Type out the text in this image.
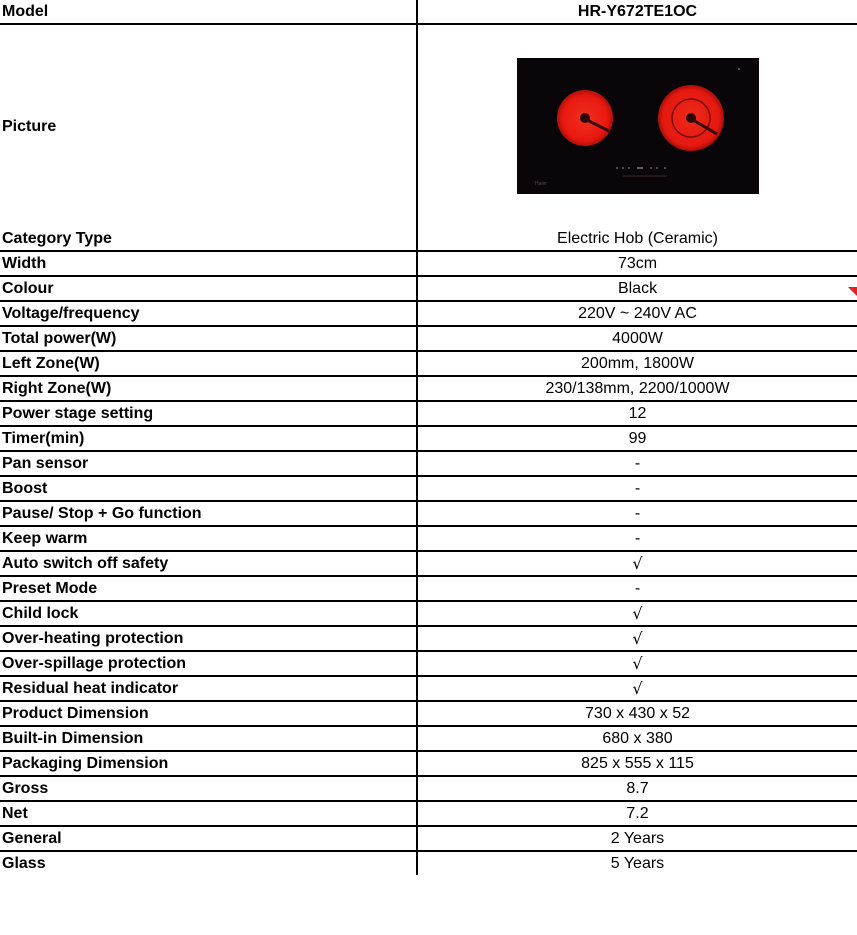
Model	HR-Y672TE1OC
Picture	Haier

Category Type	Electric Hob (Ceramic)
Width	73cm
Colour	Black
Voltage/frequency	220V ~ 240V AC
Total power(W)	4000W
Left Zone(W)	200mm, 1800W
Right Zone(W)	230/138mm, 2200/1000W
Power stage setting	12
Timer(min)	99
Pan sensor	-
Boost	-
Pause/ Stop + Go function	-
Keep warm	-
Auto switch off safety	√
Preset Mode	-
Child lock	√
Over-heating protection	√
Over-spillage protection	√
Residual heat indicator	√
Product Dimension	730 x 430 x 52
Built-in Dimension	680 x 380
Packaging Dimension	825 x 555 x 115
Gross	8.7
Net	7.2
General	2 Years
Glass	5 Years
